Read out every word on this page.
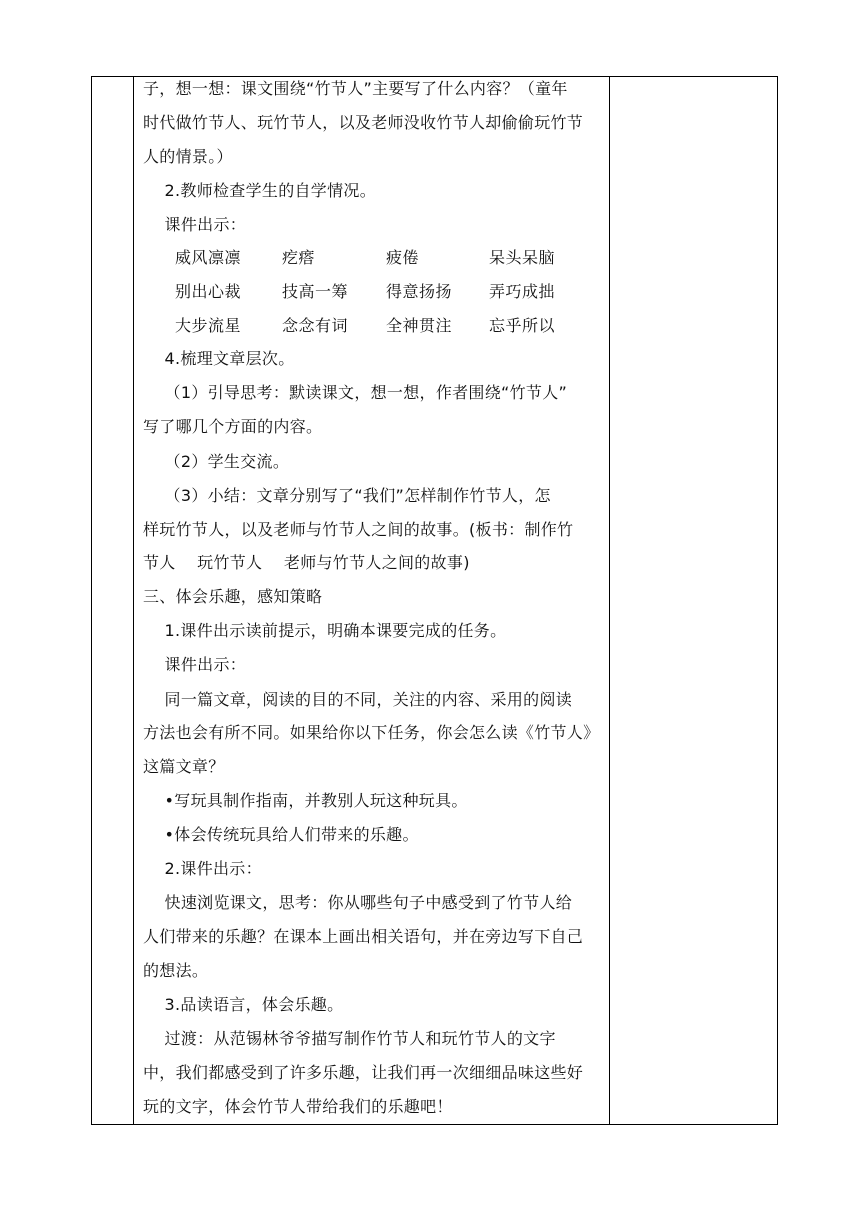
子，想一想：课文围绕“竹节人”主要写了什么内容？（童年
时代做竹节人、玩竹节人，以及老师没收竹节人却偷偷玩竹节
人的情景。）
2.教师检查学生的自学情况。
课件出示：
威风凛凛	疙瘩	疲倦	呆头呆脑
别出心裁	技高一筹 得意扬扬 弄巧成拙
大步流星	念念有词 全神贯注 忘乎所以
4.梳理文章层次。
（1）引导思考：默读课文，想一想，作者围绕“竹节人”
写了哪几个方面的内容。
（2）学生交流。
（3）小结：文章分别写了“我们”怎样制作竹节人，怎
样玩竹节人，以及老师与竹节人之间的故事。(板书：制作竹
节人    玩竹节人    老师与竹节人之间的故事)
三、体会乐趣，感知策略
1.课件出示读前提示，明确本课要完成的任务。
课件出示：
同一篇文章，阅读的目的不同，关注的内容、采用的阅读
方法也会有所不同。如果给你以下任务，你会怎么读《竹节人》
这篇文章？
•写玩具制作指南，并教别人玩这种玩具。
•体会传统玩具给人们带来的乐趣。
2.课件出示：
快速浏览课文，思考：你从哪些句子中感受到了竹节人给
人们带来的乐趣？在课本上画出相关语句，并在旁边写下自己
的想法。
3.品读语言，体会乐趣。
过渡：从范锡林爷爷描写制作竹节人和玩竹节人的文字
中，我们都感受到了许多乐趣，让我们再一次细细品味这些好
玩的文字，体会竹节人带给我们的乐趣吧！
